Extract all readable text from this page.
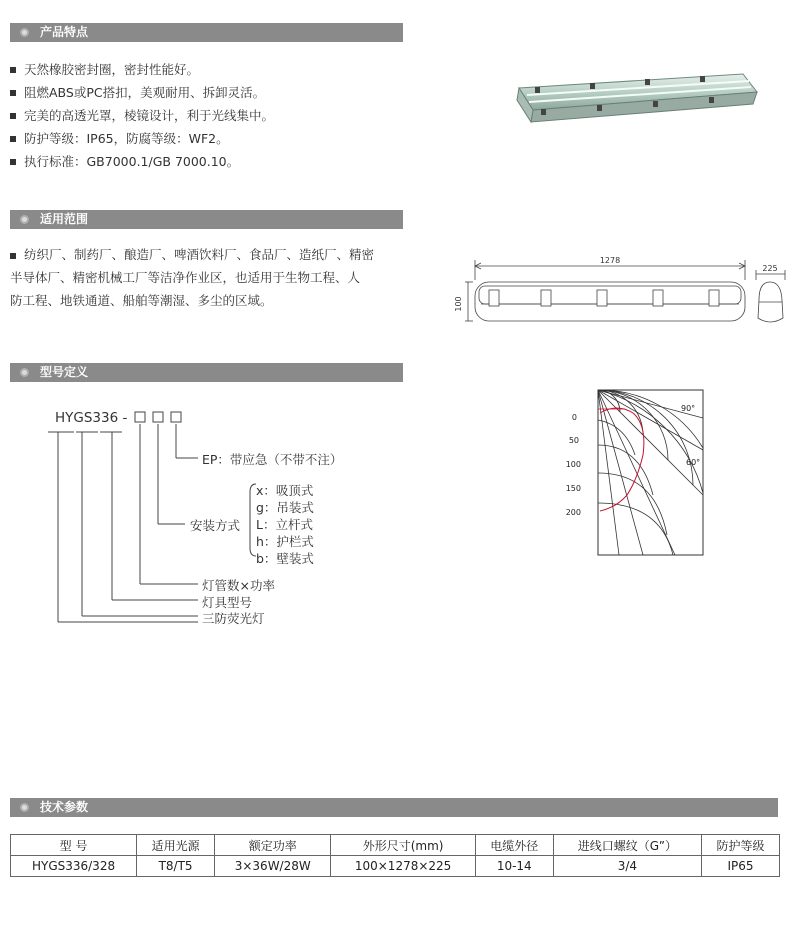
产品特点
适用范围
型号定义
技术参数
天然橡胶密封圈，密封性能好。
阻燃ABS或PC搭扣，美观耐用、拆卸灵活。
完美的高透光罩，棱镜设计，利于光线集中。
防护等级：IP65，防腐等级：WF2。
执行标准：GB7000.1/GB 7000.10。
纺织厂、制药厂、酿造厂、啤酒饮料厂、食品厂、造纸厂、精密
半导体厂、精密机械工厂等洁净作业区，也适用于生物工程、人
防工程、地铁通道、船舶等潮湿、多尘的区域。
1278
100
225
0
50
100
150
200
90°
60°
HYGS336 -
EP：带应急（不带不注）
安装方式
x：吸顶式
g：吊装式
L：立杆式
h：护栏式
b：壁装式
灯管数×功率
灯具型号
三防荧光灯
型 号	适用光源	额定功率	外形尺寸(mm)	电缆外径	进线口螺纹（G”）	防护等级
HYGS336/328	T8/T5	3×36W/28W	100×1278×225	10-14	3/4	IP65
